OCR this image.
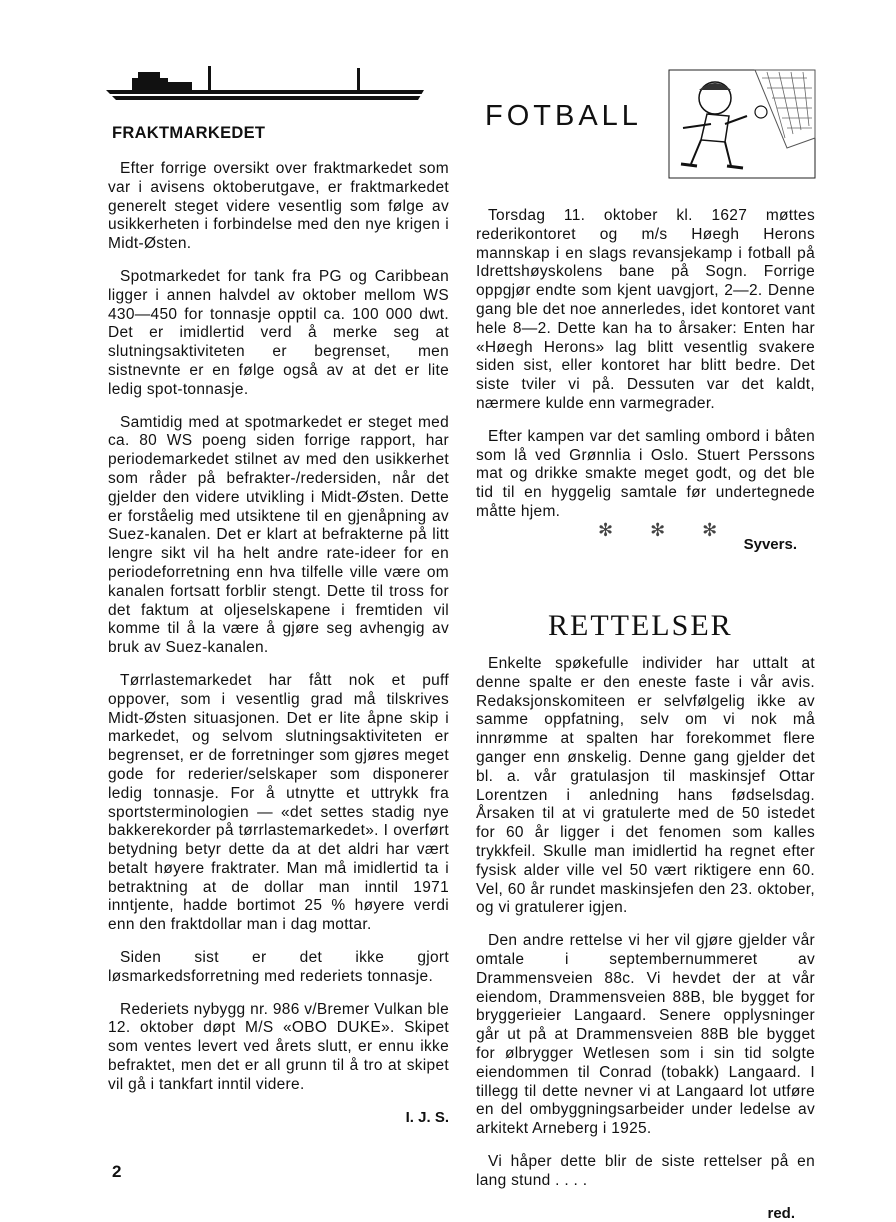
FRAKTMARKEDET

Efter forrige oversikt over fraktmarkedet som var i avisens oktoberutgave, er fraktmarkedet generelt steget videre vesentlig som følge av usikkerheten i forbindelse med den nye krigen i Midt-Østen.

Spotmarkedet for tank fra PG og Caribbean ligger i annen halvdel av oktober mellom WS 430—450 for tonnasje opptil ca. 100 000 dwt. Det er imidlertid verd å merke seg at slutningsaktiviteten er begrenset, men sistnevnte er en følge også av at det er lite ledig spot-tonnasje.

Samtidig med at spotmarkedet er steget med ca. 80 WS poeng siden forrige rapport, har periodemarkedet stilnet av med den usikkerhet som råder på befrakter-/redersiden, når det gjelder den videre utvikling i Midt-Østen. Dette er forståelig med utsiktene til en gjenåpning av Suez-kanalen. Det er klart at befrakterne på litt lengre sikt vil ha helt andre rate-ideer for en periodeforretning enn hva tilfelle ville være om kanalen fortsatt forblir stengt. Dette til tross for det faktum at oljeselskapene i fremtiden vil komme til å la være å gjøre seg avhengig av bruk av Suez-kanalen.

Tørrlastemarkedet har fått nok et puff oppover, som i vesentlig grad må tilskrives Midt-Østen situasjonen. Det er lite åpne skip i markedet, og selvom slutningsaktiviteten er begrenset, er de forretninger som gjøres meget gode for rederier/selskaper som disponerer ledig tonnasje. For å utnytte et uttrykk fra sportsterminologien — «det settes stadig nye bakkerekorder på tørrlastemarkedet». I overført betydning betyr dette da at det aldri har vært betalt høyere fraktrater. Man må imidlertid ta i betraktning at de dollar man inntil 1971 inntjente, hadde bortimot 25 % høyere verdi enn den fraktdollar man i dag mottar.

Siden sist er det ikke gjort løsmarkedsforretning med rederiets tonnasje.

Rederiets nybygg nr. 986 v/Bremer Vulkan ble 12. oktober døpt M/S «OBO DUKE». Skipet som ventes levert ved årets slutt, er ennu ikke befraktet, men det er all grunn til å tro at skipet vil gå i tankfart inntil videre.

I. J. S.
FOTBALL

Torsdag 11. oktober kl. 1627 møttes rederikontoret og m/s Høegh Herons mannskap i en slags revansjekamp i fotball på Idrettshøyskolens bane på Sogn. Forrige oppgjør endte som kjent uavgjort, 2—2. Denne gang ble det noe annerledes, idet kontoret vant hele 8—2. Dette kan ha to årsaker: Enten har «Høegh Herons» lag blitt vesentlig svakere siden sist, eller kontoret har blitt bedre. Det siste tviler vi på. Dessuten var det kaldt, nærmere kulde enn varmegrader.

Efter kampen var det samling ombord i båten som lå ved Grønnlia i Oslo. Stuert Perssons mat og drikke smakte meget godt, og det ble tid til en hyggelig samtale før undertegnede måtte hjem.

Syvers.
✻ ✻ ✻
RETTELSER

Enkelte spøkefulle individer har uttalt at denne spalte er den eneste faste i vår avis. Redaksjonskomiteen er selvfølgelig ikke av samme oppfatning, selv om vi nok må innrømme at spalten har forekommet flere ganger enn ønskelig. Denne gang gjelder det bl. a. vår gratulasjon til maskinsjef Ottar Lorentzen i anledning hans fødselsdag. Årsaken til at vi gratulerte med de 50 istedet for 60 år ligger i det fenomen som kalles trykkfeil. Skulle man imidlertid ha regnet efter fysisk alder ville vel 50 vært riktigere enn 60. Vel, 60 år rundet maskinsjefen den 23. oktober, og vi gratulerer igjen.

Den andre rettelse vi her vil gjøre gjelder vår omtale i septembernummeret av Drammensveien 88c. Vi hevdet der at vår eiendom, Drammensveien 88B, ble bygget for bryggerieier Langaard. Senere opplysninger går ut på at Drammensveien 88B ble bygget for ølbrygger Wetlesen som i sin tid solgte eiendommen til Conrad (tobakk) Langaard. I tillegg til dette nevner vi at Langaard lot utføre en del ombyggningsarbeider under ledelse av arkitekt Arneberg i 1925.

Vi håper dette blir de siste rettelser på en lang stund . . . .

red.
2
